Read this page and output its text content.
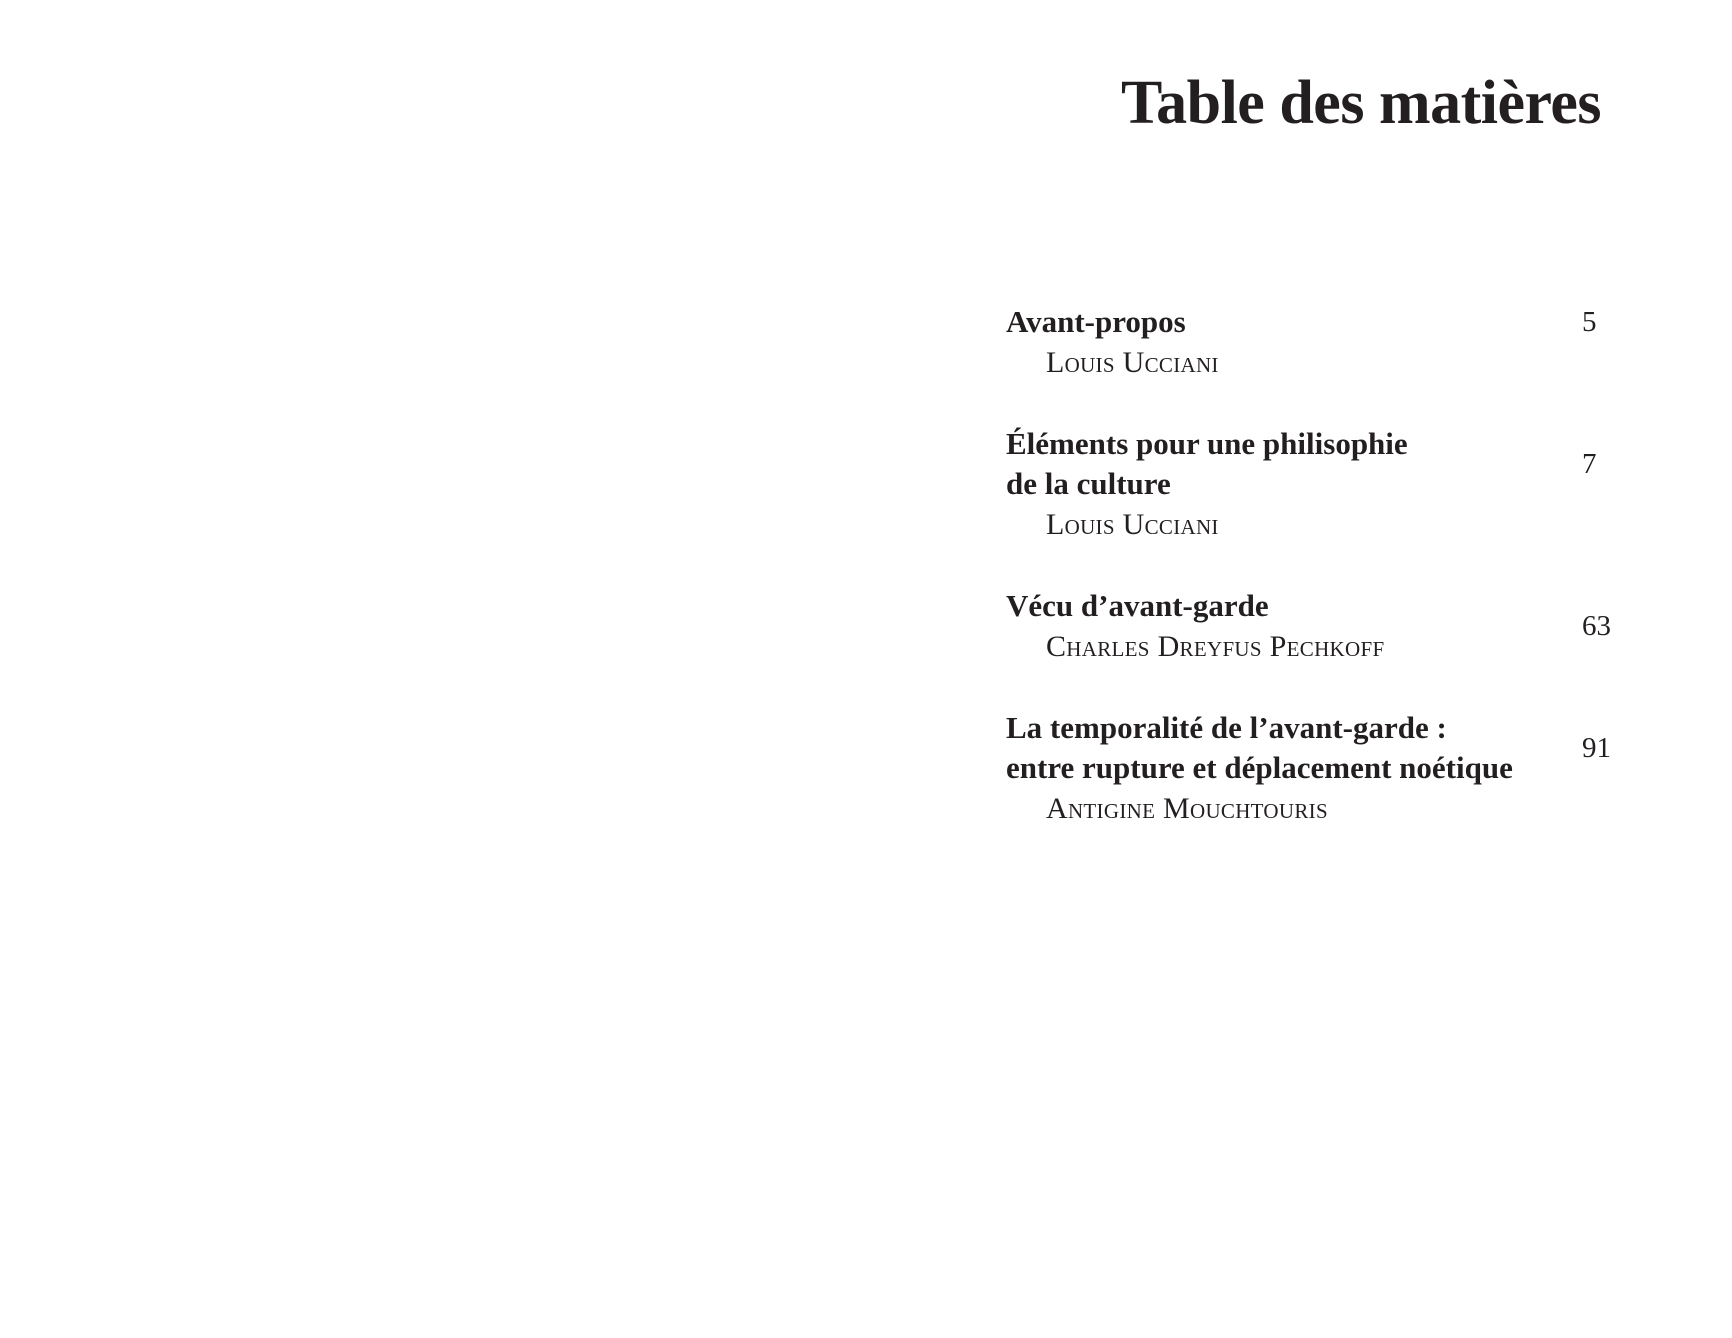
Table des matières
Avant-propos
Louis Ucciani
5
Éléments pour une philisophie
de la culture
Louis Ucciani
7
Vécu d’avant-garde
Charles Dreyfus Pechkoff
63
La temporalité de l’avant-garde :
entre rupture et déplacement noétique
Antigine Mouchtouris
91
